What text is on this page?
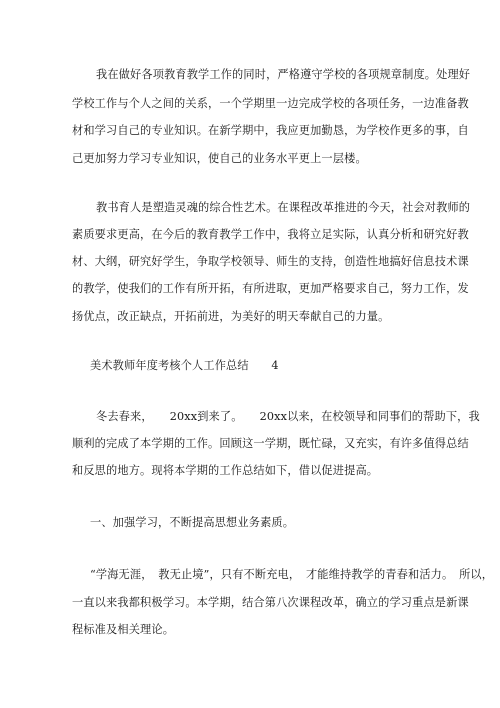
我在做好各项教育教学工作的同时，严格遵守学校的各项规章制度。处理好
学校工作与个人之间的关系，一个学期里一边完成学校的各项任务，一边准备教
材和学习自己的专业知识。在新学期中，我应更加勤恳，为学校作更多的事，自
己更加努力学习专业知识，使自己的业务水平更上一层楼。
教书育人是塑造灵魂的综合性艺术。在课程改革推进的今天，社会对教师的
素质要求更高，在今后的教育教学工作中，我将立足实际，认真分析和研究好教
材、大纲，研究好学生，争取学校领导、师生的支持，创造性地搞好信息技术课
的教学，使我们的工作有所开拓，有所进取，更加严格要求自己，努力工作，发
扬优点，改正缺点，开拓前进，为美好的明天奉献自己的力量。
美术教师年度考核个人工作总结　　4
冬去春来，　　20xx到来了。　　20xx以来，在校领导和同事们的帮助下，我
顺利的完成了本学期的工作。回顾这一学期，既忙碌，又充实，有许多值得总结
和反思的地方。现将本学期的工作总结如下，借以促进提高。
一、加强学习，不断提高思想业务素质。
“学海无涯，　教无止境”，只有不断充电，　才能维持教学的青春和活力。　所以，
一直以来我都积极学习。本学期，结合第八次课程改革，确立的学习重点是新课
程标准及相关理论。
